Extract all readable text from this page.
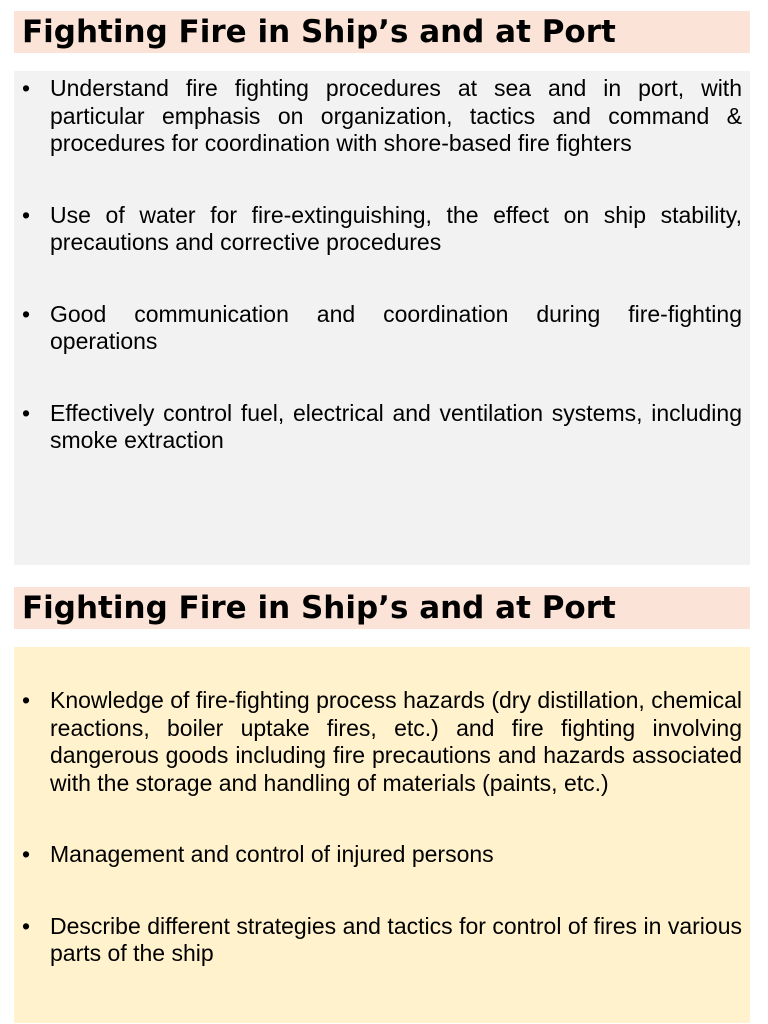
Fighting Fire in Ship’s and at Port
• Understand fire fighting procedures at sea and in port, with particular emphasis on organization, tactics and command & procedures for coordination with shore-based fire fighters
• Use of water for fire-extinguishing, the effect on ship stability, precautions and corrective procedures
• Good communication and coordination during fire-fighting operations
• Effectively control fuel, electrical and ventilation systems, including smoke extraction
Fighting Fire in Ship’s and at Port
• Knowledge of fire-fighting process hazards (dry distillation, chemical reactions, boiler uptake fires, etc.) and fire fighting involving dangerous goods including fire precautions and hazards associated with the storage and handling of materials (paints, etc.)
• Management and control of injured persons
• Describe different strategies and tactics for control of fires in various parts of the ship
